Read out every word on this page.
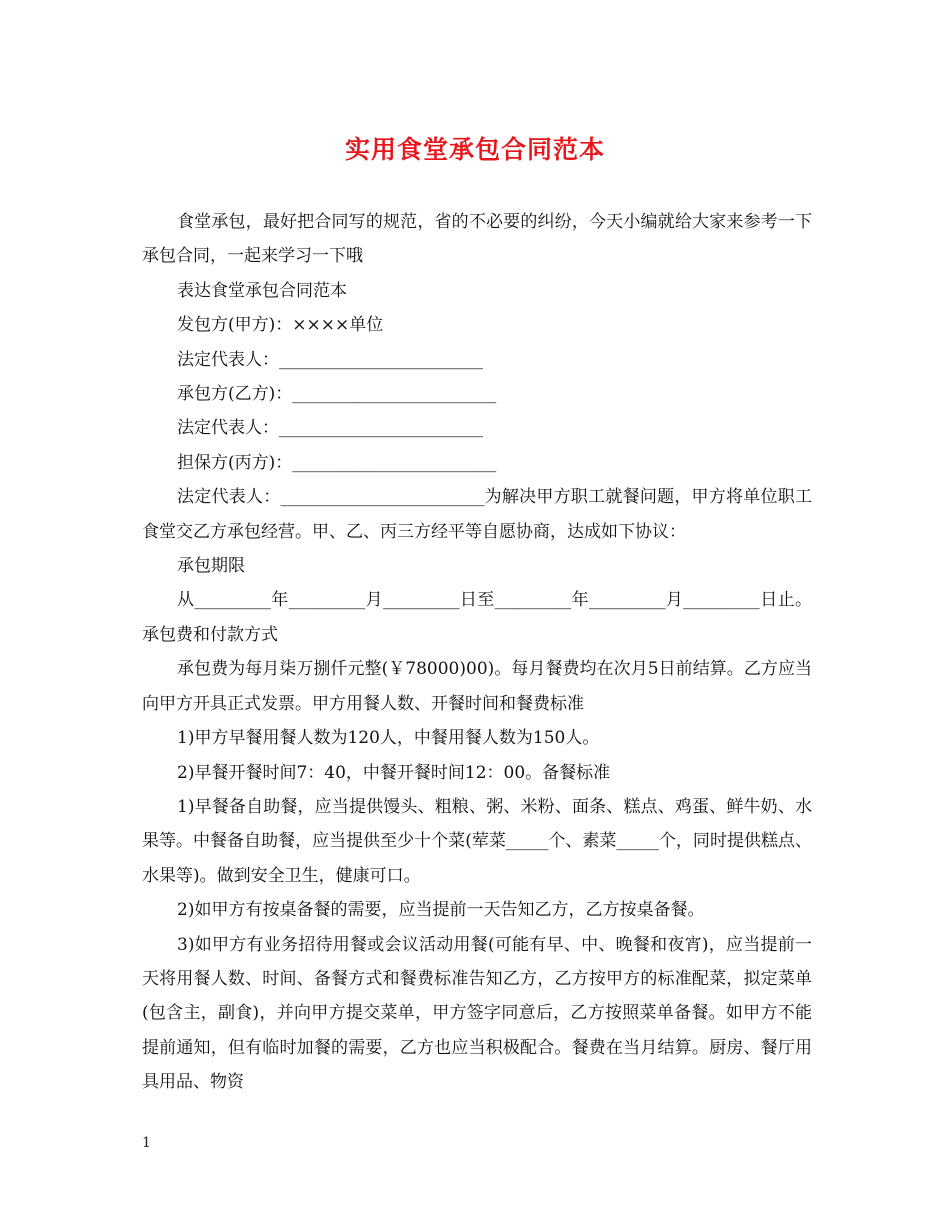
实用食堂承包合同范本

食堂承包，最好把合同写的规范，省的不必要的纠纷，今天小编就给大家来参考一下承包合同，一起来学习一下哦

表达食堂承包合同范本

发包方(甲方)：××××单位

法定代表人：________________________

承包方(乙方)：________________________

法定代表人：________________________

担保方(丙方)：________________________

法定代表人：________________________为解决甲方职工就餐问题，甲方将单位职工食堂交乙方承包经营。甲、乙、丙三方经平等自愿协商，达成如下协议：

承包期限

从_________年_________月_________日至_________年_________月_________日止。承包费和付款方式

承包费为每月柒万捌仟元整(￥78000)00)。每月餐费均在次月5日前结算。乙方应当向甲方开具正式发票。甲方用餐人数、开餐时间和餐费标准

1)甲方早餐用餐人数为120人，中餐用餐人数为150人。

2)早餐开餐时间7：40，中餐开餐时间12：00。备餐标准

1)早餐备自助餐，应当提供馒头、粗粮、粥、米粉、面条、糕点、鸡蛋、鲜牛奶、水果等。中餐备自助餐，应当提供至少十个菜(荤菜_____个、素菜_____个，同时提供糕点、水果等)。做到安全卫生，健康可口。

2)如甲方有按桌备餐的需要，应当提前一天告知乙方，乙方按桌备餐。

3)如甲方有业务招待用餐或会议活动用餐(可能有早、中、晚餐和夜宵)，应当提前一天将用餐人数、时间、备餐方式和餐费标准告知乙方，乙方按甲方的标准配菜，拟定菜单(包含主，副食)，并向甲方提交菜单，甲方签字同意后，乙方按照菜单备餐。如甲方不能提前通知，但有临时加餐的需要，乙方也应当积极配合。餐费在当月结算。厨房、餐厅用具用品、物资

1
